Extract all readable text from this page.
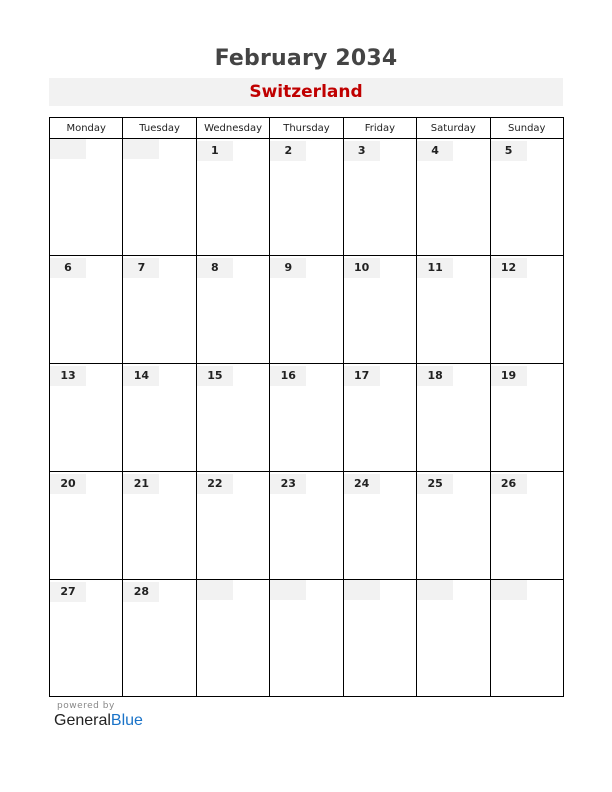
February 2034
Switzerland
Monday	Tuesday	Wednesday	Thursday	Friday	Saturday	Sunday
		1	2	3	4	5
6	7	8	9	10	11	12
13	14	15	16	17	18	19
20	21	22	23	24	25	26
27	28					
powered by
GeneralBlue
